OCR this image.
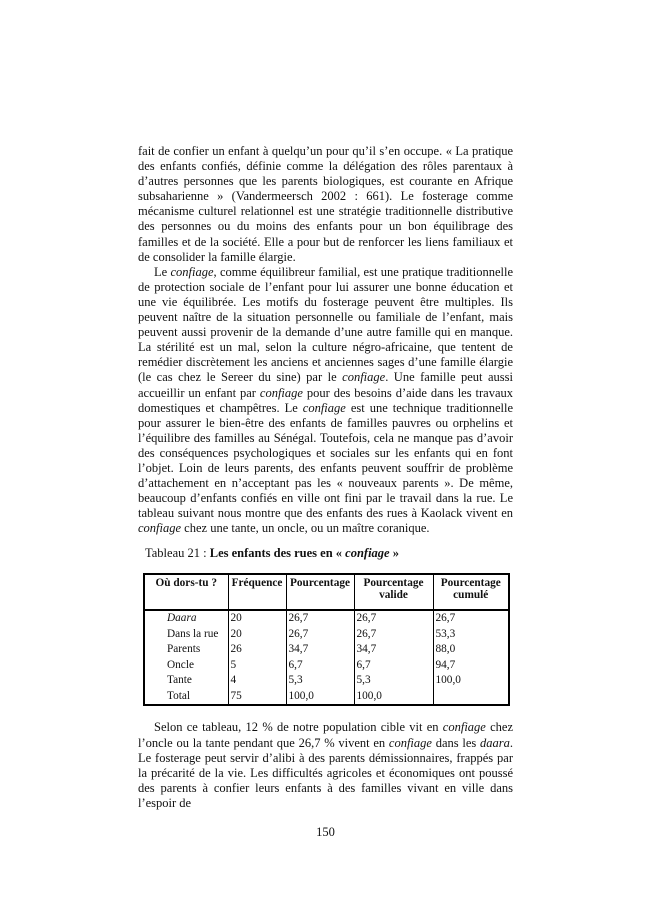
fait de confier un enfant à quelqu’un pour qu’il s’en occupe. « La pratique des enfants confiés, définie comme la délégation des rôles parentaux à d’autres personnes que les parents biologiques, est courante en Afrique subsaharienne » (Vandermeersch 2002 : 661). Le fosterage comme mécanisme culturel relationnel est une stratégie traditionnelle distributive des personnes ou du moins des enfants pour un bon équilibrage des familles et de la société. Elle a pour but de renforcer les liens familiaux et de consolider la famille élargie.

Le confiage, comme équilibreur familial, est une pratique traditionnelle de protection sociale de l’enfant pour lui assurer une bonne éducation et une vie équilibrée. Les motifs du fosterage peuvent être multiples. Ils peuvent naître de la situation personnelle ou familiale de l’enfant, mais peuvent aussi provenir de la demande d’une autre famille qui en manque. La stérilité est un mal, selon la culture négro-africaine, que tentent de remédier discrètement les anciens et anciennes sages d’une famille élargie (le cas chez le Sereer du sine) par le confiage. Une famille peut aussi accueillir un enfant par confiage pour des besoins d’aide dans les travaux domestiques et champêtres. Le confiage est une technique traditionnelle pour assurer le bien-être des enfants de familles pauvres ou orphelins et l’équilibre des familles au Sénégal. Toutefois, cela ne manque pas d’avoir des conséquences psychologiques et sociales sur les enfants qui en font l’objet. Loin de leurs parents, des enfants peuvent souffrir de problème d’attachement en n’acceptant pas les « nouveaux parents ». De même, beaucoup d’enfants confiés en ville ont fini par le travail dans la rue. Le tableau suivant nous montre que des enfants des rues à Kaolack vivent en confiage chez une tante, un oncle, ou un maître coranique.

Tableau 21 : Les enfants des rues en « confiage »
Où dors-tu ?	Fréquence	Pourcentage	Pourcentage valide	Pourcentage cumulé
Daara	20	26,7	26,7	26,7
Dans la rue	20	26,7	26,7	53,3
Parents	26	34,7	34,7	88,0
Oncle	5	6,7	6,7	94,7
Tante	4	5,3	5,3	100,0
Total	75	100,0	100,0	

Selon ce tableau, 12 % de notre population cible vit en confiage chez l’oncle ou la tante pendant que 26,7 % vivent en confiage dans les daara. Le fosterage peut servir d’alibi à des parents démissionnaires, frappés par la précarité de la vie. Les difficultés agricoles et économiques ont poussé des parents à confier leurs enfants à des familles vivant en ville dans l’espoir de

150
